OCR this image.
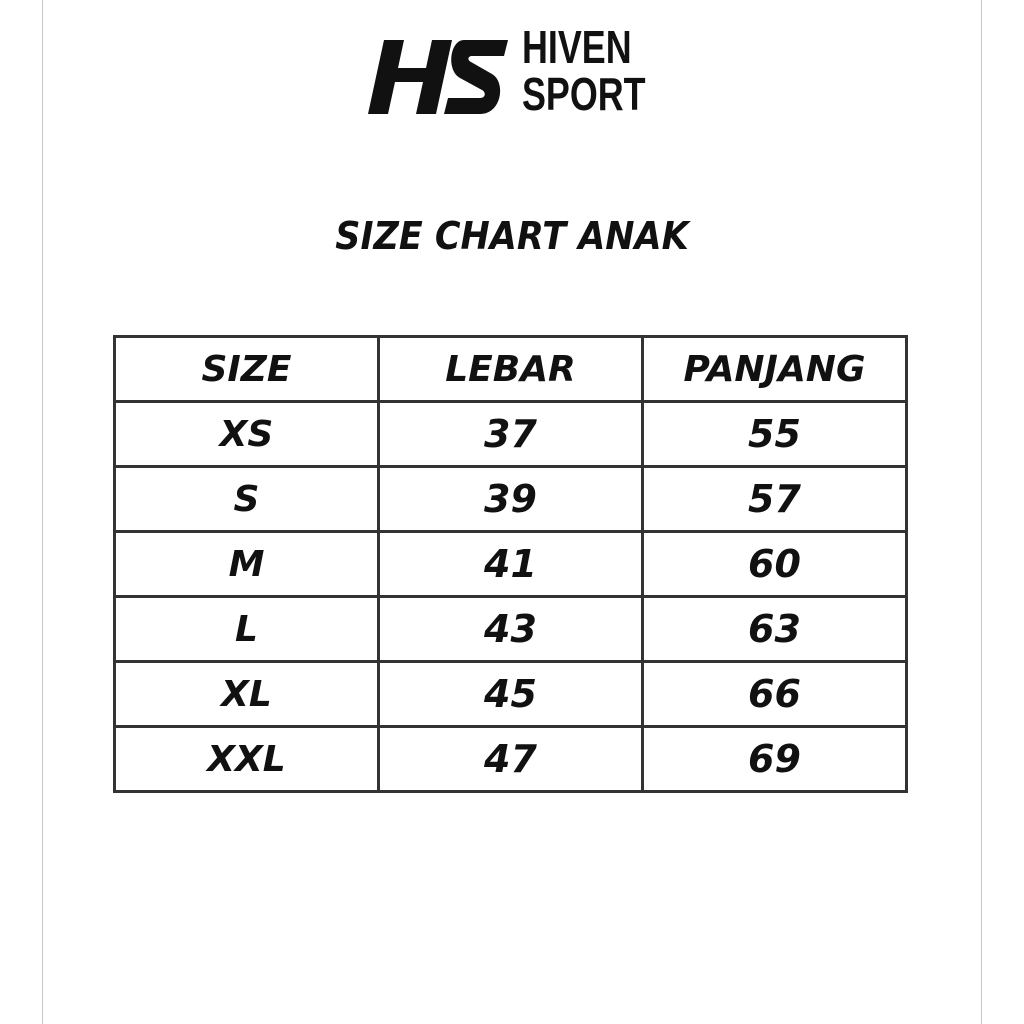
HIVEN
SPORT
SIZE CHART ANAK
SIZE	LEBAR	PANJANG
XS	37	55
S	39	57
M	41	60
L	43	63
XL	45	66
XXL	47	69
